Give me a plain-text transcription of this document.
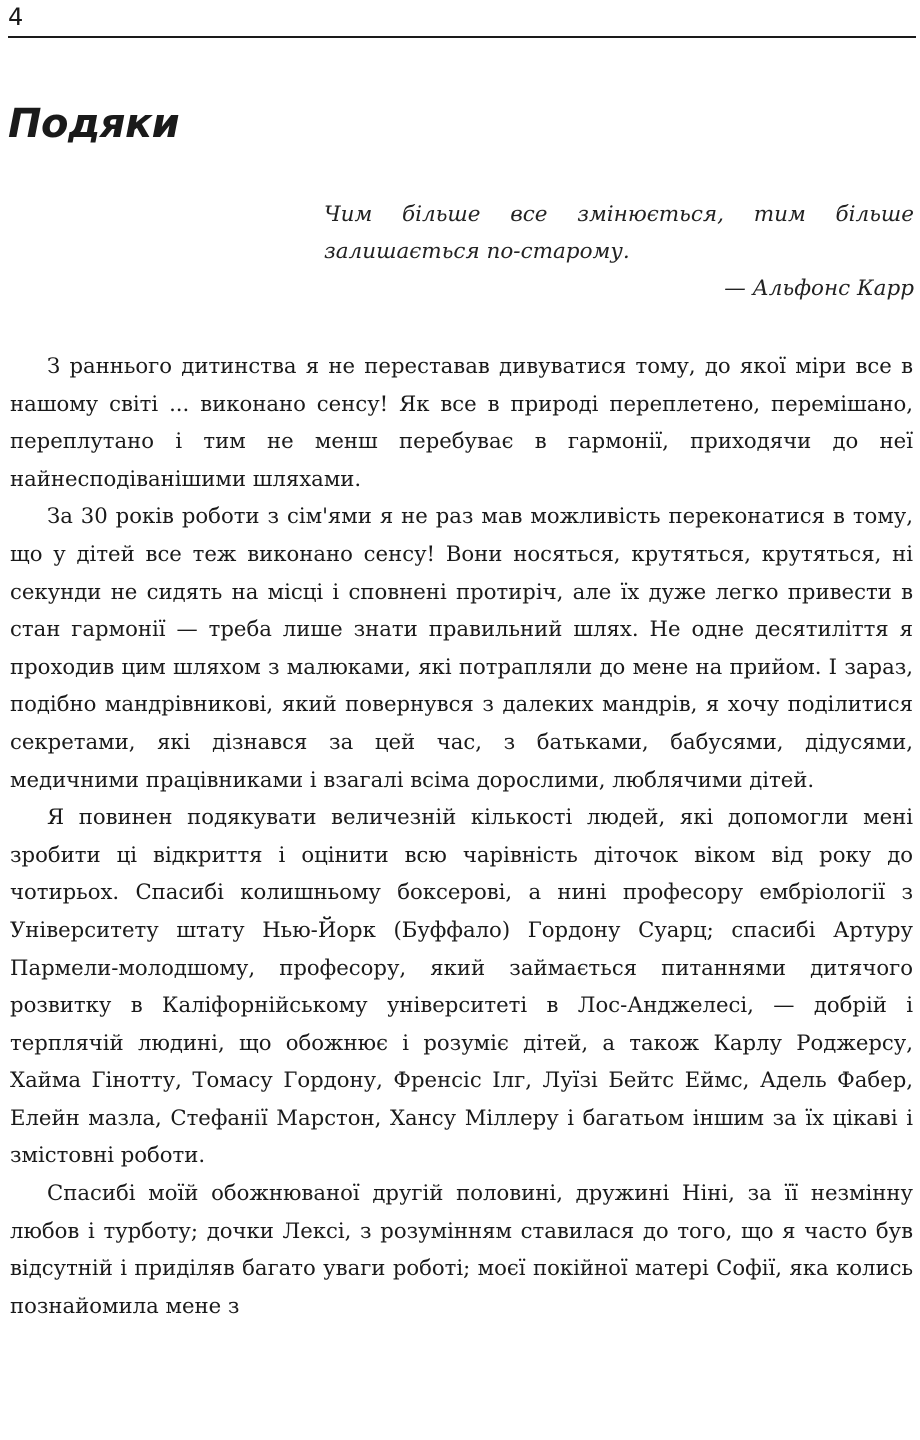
4
Подяки

Чим більше все змінюється, тим більше залишається по-старому.

— Альфонс Карр

З раннього дитинства я не переставав дивуватися тому, до якої міри все в нашому світі ... виконано сенсу! Як все в природі переплетено, перемішано, переплутано і тим не менш перебуває в гармонії, приходячи до неї найнесподіванішими шляхами.

За 30 років роботи з сім'ями я не раз мав можливість переконатися в тому, що у дітей все теж виконано сенсу! Вони носяться, крутяться, крутяться, ні секунди не сидять на місці і сповнені протиріч, але їх дуже легко привести в стан гармонії — треба лише знати правильний шлях. Не одне десятиліття я проходив цим шляхом з малюками, які потрапляли до мене на прийом. І зараз, подібно мандрівникові, який повернувся з далеких мандрів, я хочу поділитися секретами, які дізнався за цей час, з батьками, бабусями, дідусями, медичними працівниками і взагалі всіма дорослими, люблячими дітей.

Я повинен подякувати величезній кількості людей, які допомогли мені зробити ці відкриття і оцінити всю чарівність діточок віком від року до чотирьох. Спасибі колишньому боксерові, а нині професору ембріології з Університету штату Нью-Йорк (Буффало) Гордону Суарц; спасибі Артуру Пармели-молодшому, професору, який займається питаннями дитячого розвитку в Каліфорнійському університеті в Лос-Анджелесі, — добрій і терплячій людині, що обожнює і розуміє дітей, а також Карлу Роджерсу, Хайма Гінотту, Томасу Гордону, Френсіс Ілг, Луїзі Бейтс Еймс, Адель Фабер, Елейн мазла, Стефанії Марстон, Хансу Міллеру і багатьом іншим за їх цікаві і змістовні роботи.

Спасибі моїй обожнюваної другій половині, дружині Ніні, за її незмінну любов і турботу; дочки Лексі, з розумінням ставилася до того, що я часто був відсутній і приділяв багато уваги роботі; моєї покійної матері Софії, яка колись познайомила мене з
